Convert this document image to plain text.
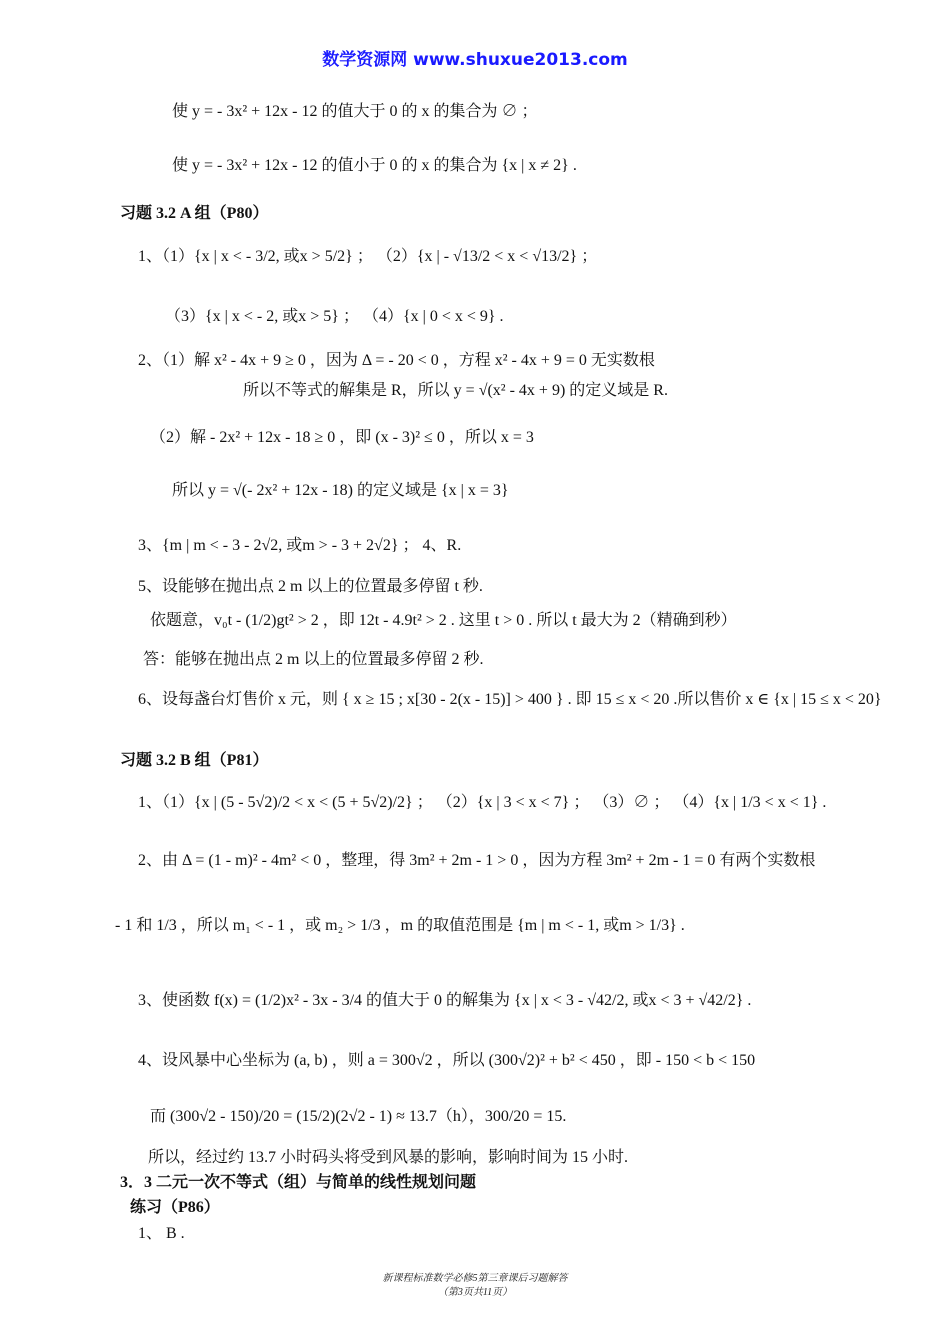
数学资源网 www.shuxue2013.com
使 y = - 3x² + 12x - 12 的值大于 0 的 x 的集合为 ∅ ；
使 y = - 3x² + 12x - 12 的值小于 0 的 x 的集合为 {x | x ≠ 2} .
习题 3.2 A 组（P80）
1、（1）{x | x < - 3/2, 或x > 5/2} ； （2）{x | - √13/2 < x < √13/2} ；
（3）{x | x < - 2, 或x > 5} ； （4）{x | 0 < x < 9} .
2、（1）解 x² - 4x + 9 ≥ 0 ，因为 Δ = - 20 < 0 ，方程 x² - 4x + 9 = 0 无实数根
所以不等式的解集是 R，所以 y = √(x² - 4x + 9) 的定义域是 R.
（2）解 - 2x² + 12x - 18 ≥ 0 ，即 (x - 3)² ≤ 0 ，所以 x = 3
所以 y = √(- 2x² + 12x - 18) 的定义域是 {x | x = 3}
3、{m | m < - 3 - 2√2, 或m > - 3 + 2√2} ； 4、R.
5、设能够在抛出点 2 m 以上的位置最多停留 t 秒.
依题意，v₀t - (1/2)gt² > 2 ，即 12t - 4.9t² > 2 . 这里 t > 0 . 所以 t 最大为 2（精确到秒）
答：能够在抛出点 2 m 以上的位置最多停留 2 秒.
6、设每盏台灯售价 x 元，则 { x ≥ 15 ; x[30 - 2(x - 15)] > 400 } . 即 15 ≤ x < 20 .所以售价 x ∈ {x | 15 ≤ x < 20}
习题 3.2 B 组（P81）
1、（1）{x | (5 - 5√2)/2 < x < (5 + 5√2)/2} ； （2）{x | 3 < x < 7} ； （3）∅ ； （4）{x | 1/3 < x < 1} .
2、由 Δ = (1 - m)² - 4m² < 0 ，整理，得 3m² + 2m - 1 > 0 ，因为方程 3m² + 2m - 1 = 0 有两个实数根
- 1 和 1/3 ，所以 m₁ < - 1 ，或 m₂ > 1/3 ，m 的取值范围是 {m | m < - 1, 或m > 1/3} .
3、使函数 f(x) = (1/2)x² - 3x - 3/4 的值大于 0 的解集为 {x | x < 3 - √42/2, 或x < 3 + √42/2} .
4、设风暴中心坐标为 (a, b) ，则 a = 300√2 ，所以 (300√2)² + b² < 450 ，即 - 150 < b < 150
而 (300√2 - 150)/20 = (15/2)(2√2 - 1) ≈ 13.7（h），300/20 = 15.
所以，经过约 13.7 小时码头将受到风暴的影响，影响时间为 15 小时.
3．3 二元一次不等式（组）与简单的线性规划问题
练习（P86）
1、 B .
新课程标准数学必修5第三章课后习题解答
（第3页共11页）
